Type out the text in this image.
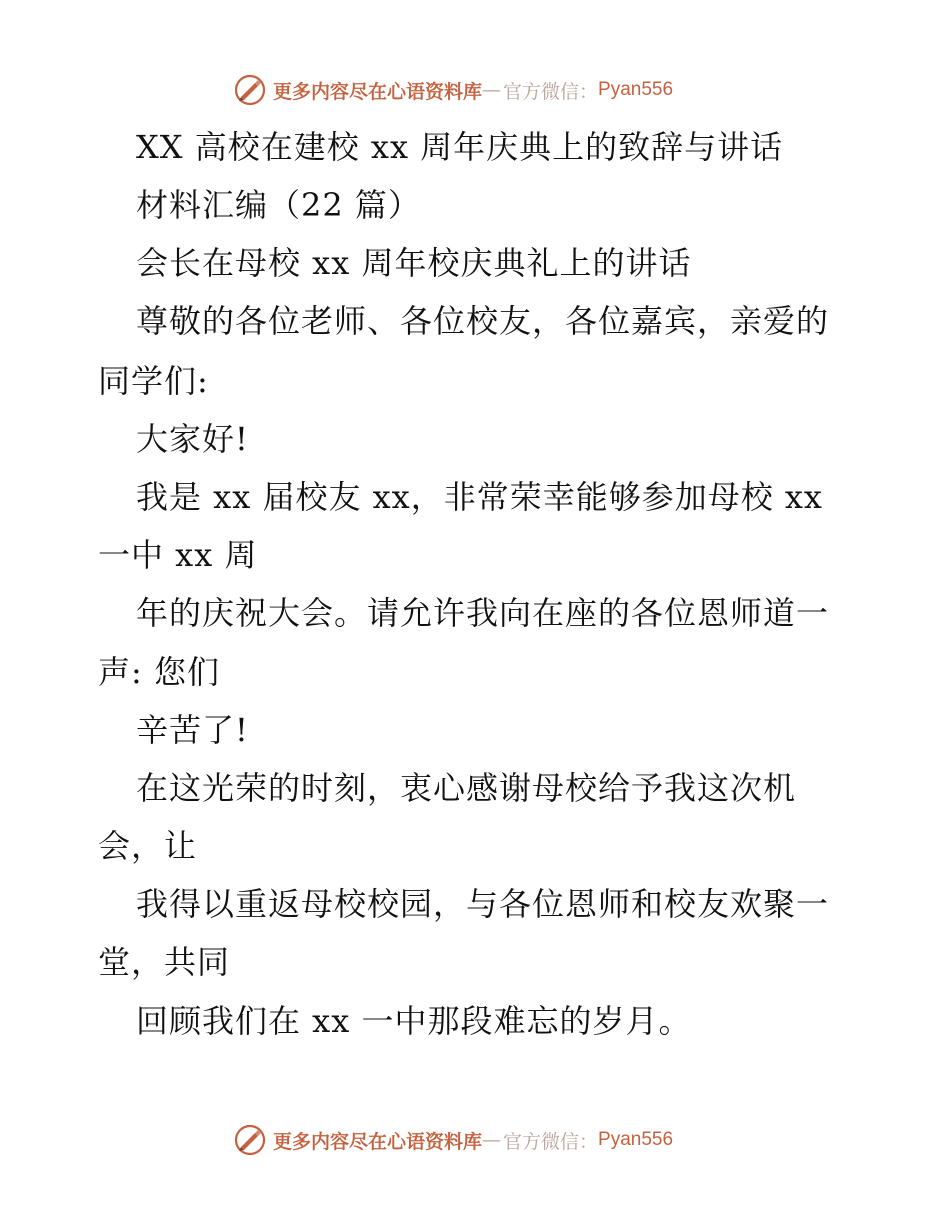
更多内容尽在心语资料库 — 官方微信： Pyan556
XX 高校在建校 xx 周年庆典上的致辞与讲话
材料汇编（22 篇）
会长在母校 xx 周年校庆典礼上的讲话
尊敬的各位老师、各位校友，各位嘉宾，亲爱的
同学们:
大家好!
我是 xx 届校友 xx，非常荣幸能够参加母校 xx
一中 xx 周
年的庆祝大会。请允许我向在座的各位恩师道一
声: 您们
辛苦了!
在这光荣的时刻，衷心感谢母校给予我这次机
会，让
我得以重返母校校园，与各位恩师和校友欢聚一
堂，共同
回顾我们在 xx 一中那段难忘的岁月。
更多内容尽在心语资料库 — 官方微信： Pyan556
